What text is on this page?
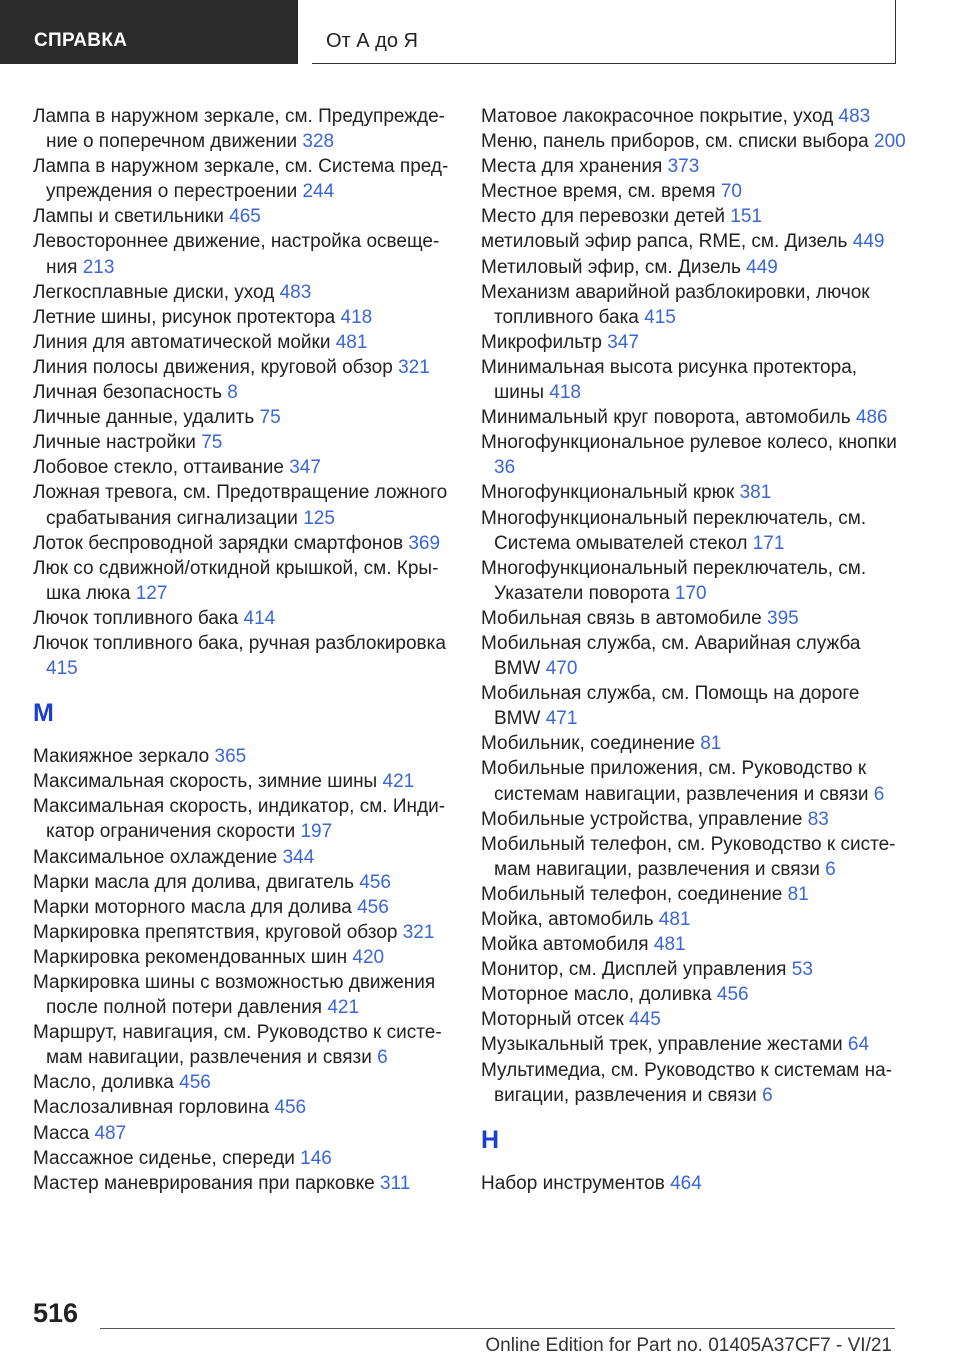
СПРАВКА	От А до Я
Лампа в наружном зеркале, см. Предупреждение о поперечном движении 328
Лампа в наружном зеркале, см. Система предупреждения о перестроении 244
Лампы и светильники 465
Левостороннее движение, настройка освещения 213
Легкосплавные диски, уход 483
Летние шины, рисунок протектора 418
Линия для автоматической мойки 481
Линия полосы движения, круговой обзор 321
Личная безопасность 8
Личные данные, удалить 75
Личные настройки 75
Лобовое стекло, оттаивание 347
Ложная тревога, см. Предотвращение ложного срабатывания сигнализации 125
Лоток беспроводной зарядки смартфонов 369
Люк со сдвижной/откидной крышкой, см. Крышка люка 127
Лючок топливного бака 414
Лючок топливного бака, ручная разблокировка 415
M
Макияжное зеркало 365
Максимальная скорость, зимние шины 421
Максимальная скорость, индикатор, см. Индикатор ограничения скорости 197
Максимальное охлаждение 344
Марки масла для долива, двигатель 456
Марки моторного масла для долива 456
Маркировка препятствия, круговой обзор 321
Маркировка рекомендованных шин 420
Маркировка шины с возможностью движения после полной потери давления 421
Маршрут, навигация, см. Руководство к системам навигации, развлечения и связи 6
Масло, доливка 456
Маслозаливная горловина 456
Масса 487
Массажное сиденье, спереди 146
Мастер маневрирования при парковке 311
Матовое лакокрасочное покрытие, уход 483
Меню, панель приборов, см. списки выбора 200
Места для хранения 373
Местное время, см. время 70
Место для перевозки детей 151
метиловый эфир рапса, RME, см. Дизель 449
Метиловый эфир, см. Дизель 449
Механизм аварийной разблокировки, лючок топливного бака 415
Микрофильтр 347
Минимальная высота рисунка протектора, шины 418
Минимальный круг поворота, автомобиль 486
Многофункциональное рулевое колесо, кнопки 36
Многофункциональный крюк 381
Многофункциональный переключатель, см. Система омывателей стекол 171
Многофункциональный переключатель, см. Указатели поворота 170
Мобильная связь в автомобиле 395
Мобильная служба, см. Аварийная служба BMW 470
Мобильная служба, см. Помощь на дороге BMW 471
Мобильник, соединение 81
Мобильные приложения, см. Руководство к системам навигации, развлечения и связи 6
Мобильные устройства, управление 83
Мобильный телефон, см. Руководство к системам навигации, развлечения и связи 6
Мобильный телефон, соединение 81
Мойка, автомобиль 481
Мойка автомобиля 481
Монитор, см. Дисплей управления 53
Моторное масло, доливка 456
Моторный отсек 445
Музыкальный трек, управление жестами 64
Мультимедиа, см. Руководство к системам навигации, развлечения и связи 6
H
Набор инструментов 464
516
Online Edition for Part no. 01405A37CF7 - VI/21
